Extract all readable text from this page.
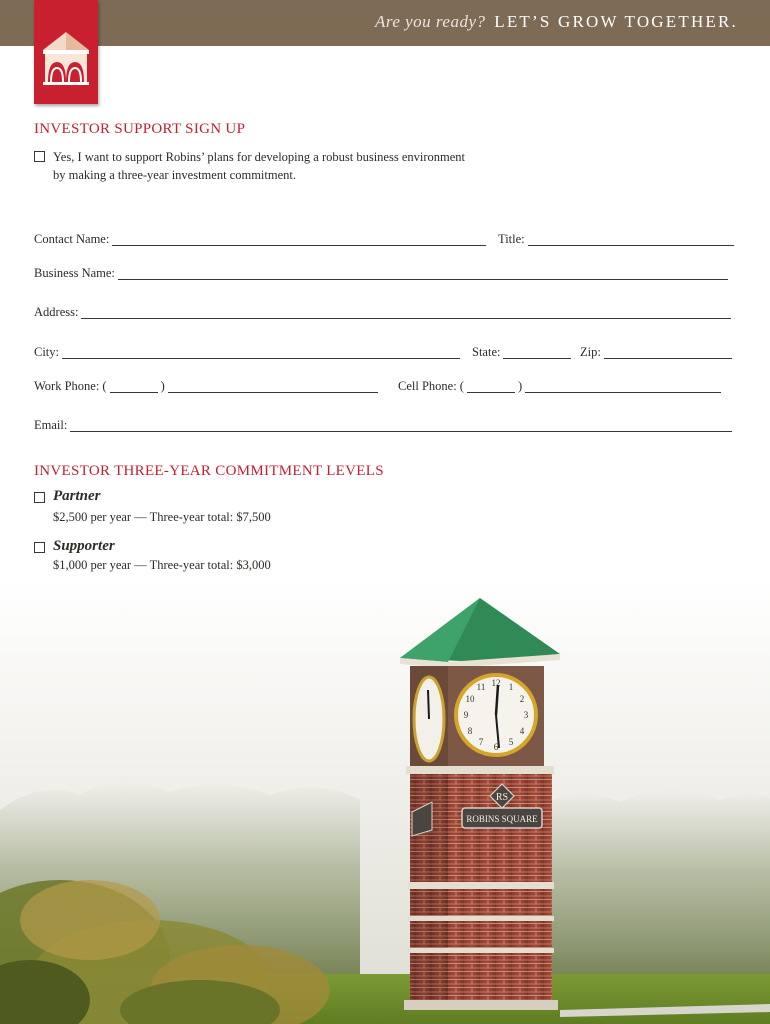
Are you ready? LET’S GROW TOGETHER.
INVESTOR SUPPORT SIGN UP
Yes, I want to support Robins’ plans for developing a robust business environment
by making a three-year investment commitment.
Contact Name:	Title:
Business Name:
Address:
City:	State:	Zip:
Work Phone: (	)	Cell Phone: (	)
Email:
INVESTOR THREE-YEAR COMMITMENT LEVELS
Partner
$2,500 per year — Three-year total: $7,500
Supporter
$1,000 per year — Three-year total: $3,000
12 1
2
3
4
5
6
7
8
9
10
11
ROBINS SQUARE
RS
